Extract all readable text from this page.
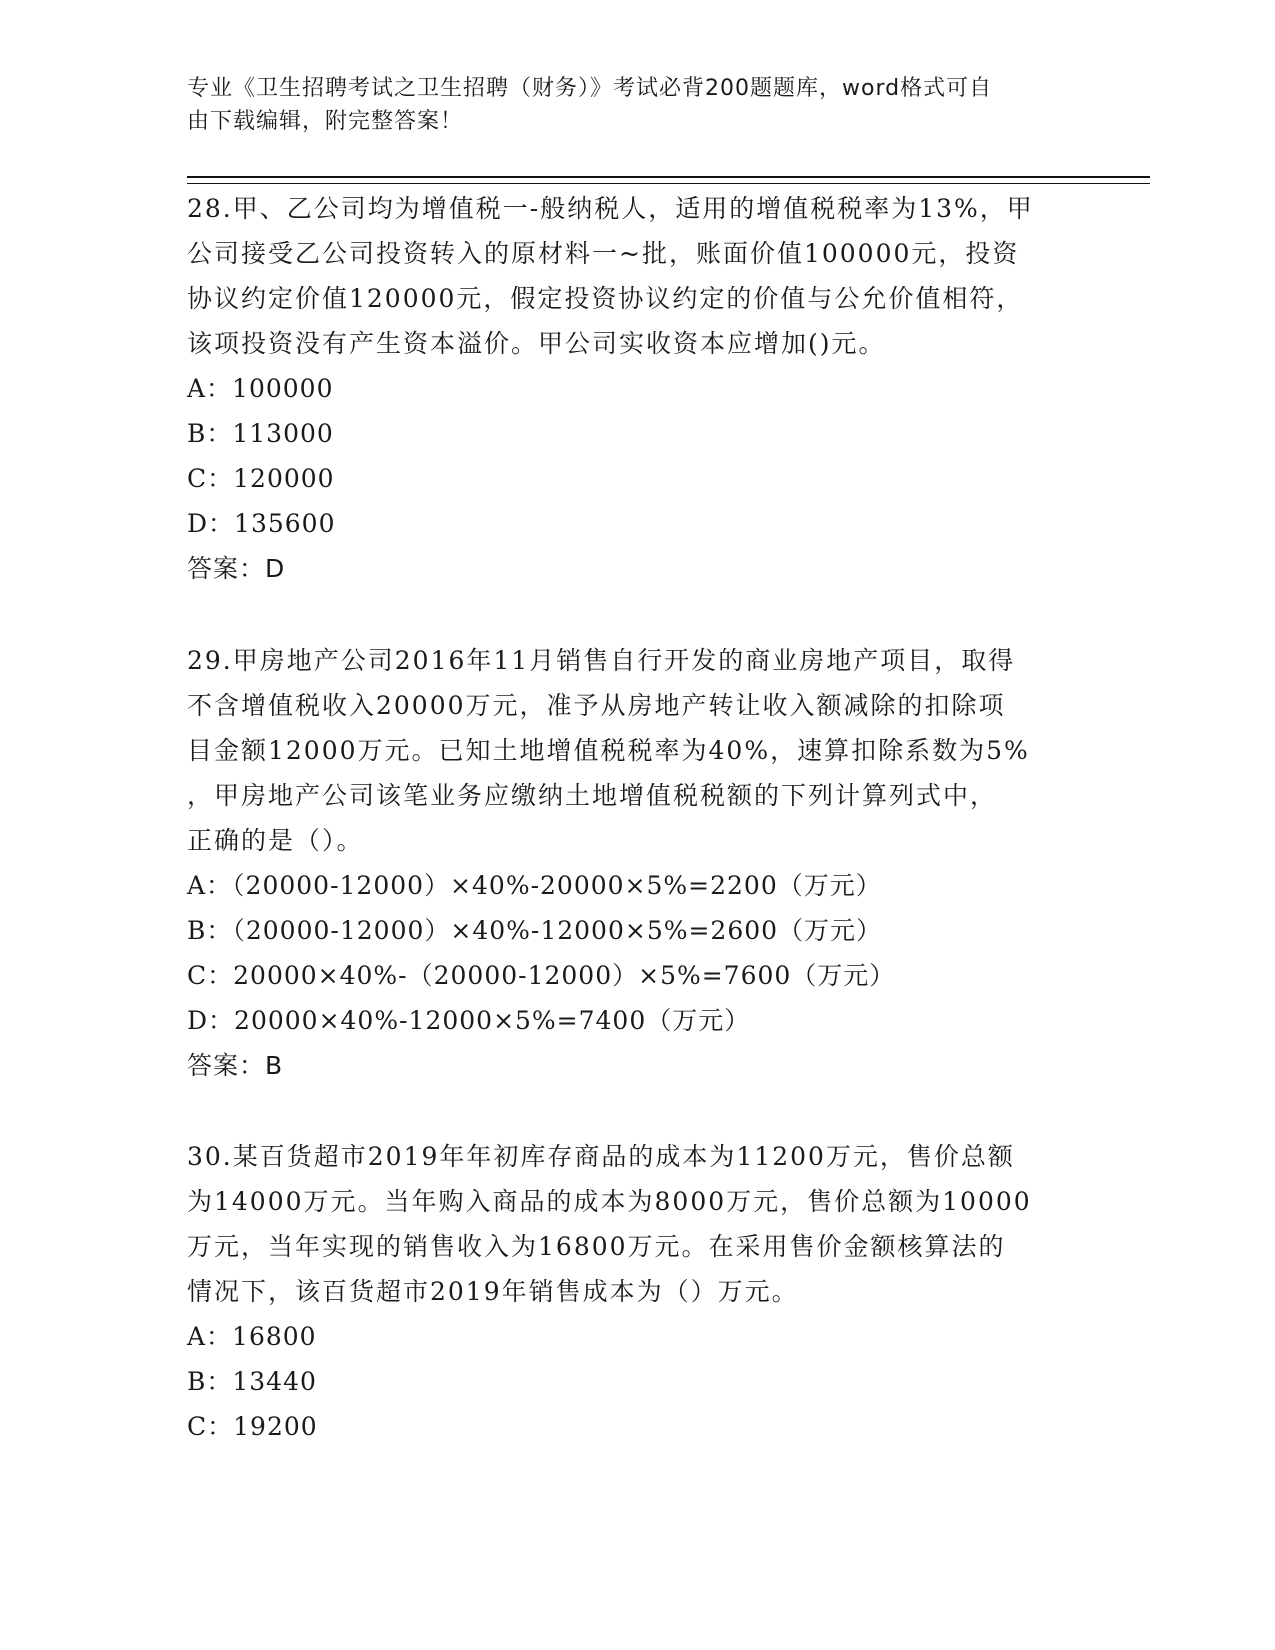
专业《卫生招聘考试之卫生招聘（财务）》考试必背200题题库，word格式可自
由下载编辑，附完整答案！

28.甲、乙公司均为增值税一-般纳税人，适用的增值税税率为13%，甲

公司接受乙公司投资转入的原材料一~批，账面价值100000元，投资

协议约定价值120000元，假定投资协议约定的价值与公允价值相符，

该项投资没有产生资本溢价。甲公司实收资本应增加()元。

A：100000

B：113000

C：120000

D：135600

答案：D

29.甲房地产公司2016年11月销售自行开发的商业房地产项目，取得

不含增值税收入20000万元，准予从房地产转让收入额减除的扣除项

目金额12000万元。已知土地增值税税率为40%，速算扣除系数为5%

，甲房地产公司该笔业务应缴纳土地增值税税额的下列计算列式中，

正确的是（）。

A：（20000-12000）×40%-20000×5%=2200（万元）

B：（20000-12000）×40%-12000×5%=2600（万元）

C：20000×40%-（20000-12000）×5%=7600（万元）

D：20000×40%-12000×5%=7400（万元）

答案：B

30.某百货超市2019年年初库存商品的成本为11200万元，售价总额

为14000万元。当年购入商品的成本为8000万元，售价总额为10000

万元，当年实现的销售收入为16800万元。在采用售价金额核算法的

情况下，该百货超市2019年销售成本为（）万元。

A：16800

B：13440

C：19200
